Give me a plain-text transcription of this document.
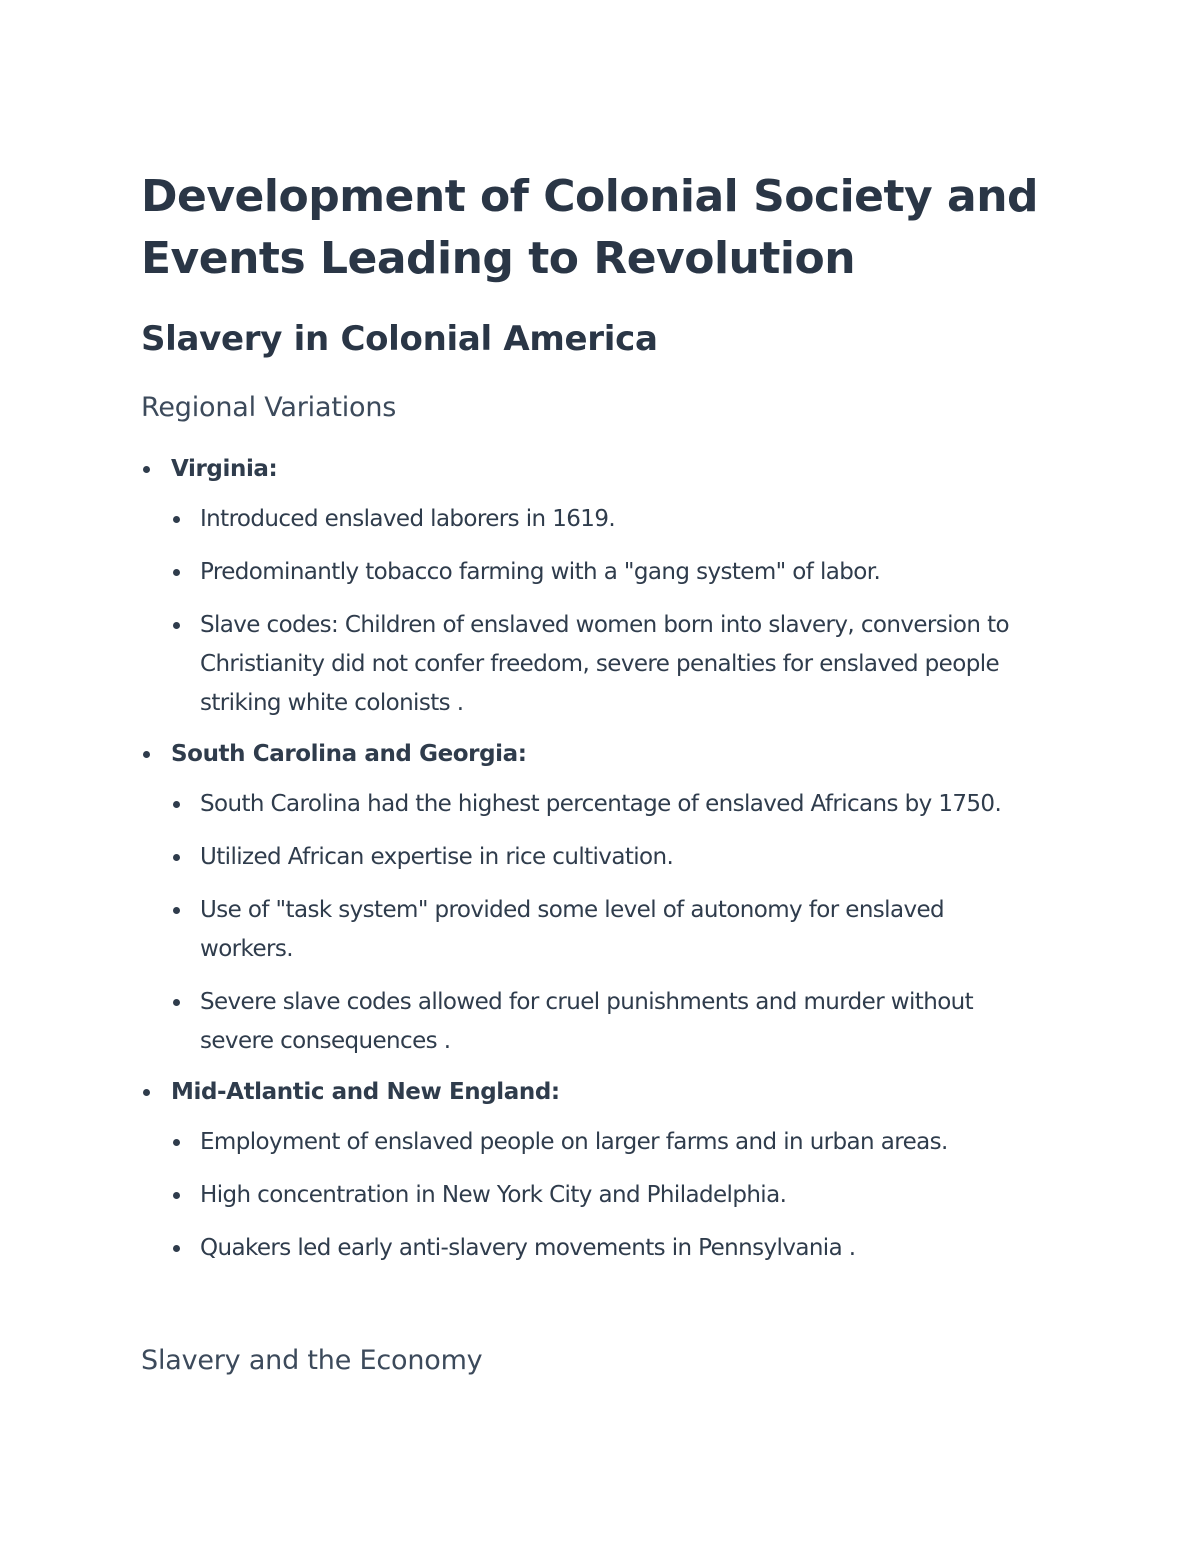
Development of Colonial Society and Events Leading to Revolution
Slavery in Colonial America
Regional Variations
Virginia:
Introduced enslaved laborers in 1619.
Predominantly tobacco farming with a "gang system" of labor.
Slave codes: Children of enslaved women born into slavery, conversion to Christianity did not confer freedom, severe penalties for enslaved people striking white colonists .
South Carolina and Georgia:
South Carolina had the highest percentage of enslaved Africans by 1750.
Utilized African expertise in rice cultivation.
Use of "task system" provided some level of autonomy for enslaved workers.
Severe slave codes allowed for cruel punishments and murder without severe consequences .
Mid-Atlantic and New England:
Employment of enslaved people on larger farms and in urban areas.
High concentration in New York City and Philadelphia.
Quakers led early anti-slavery movements in Pennsylvania .
Slavery and the Economy
